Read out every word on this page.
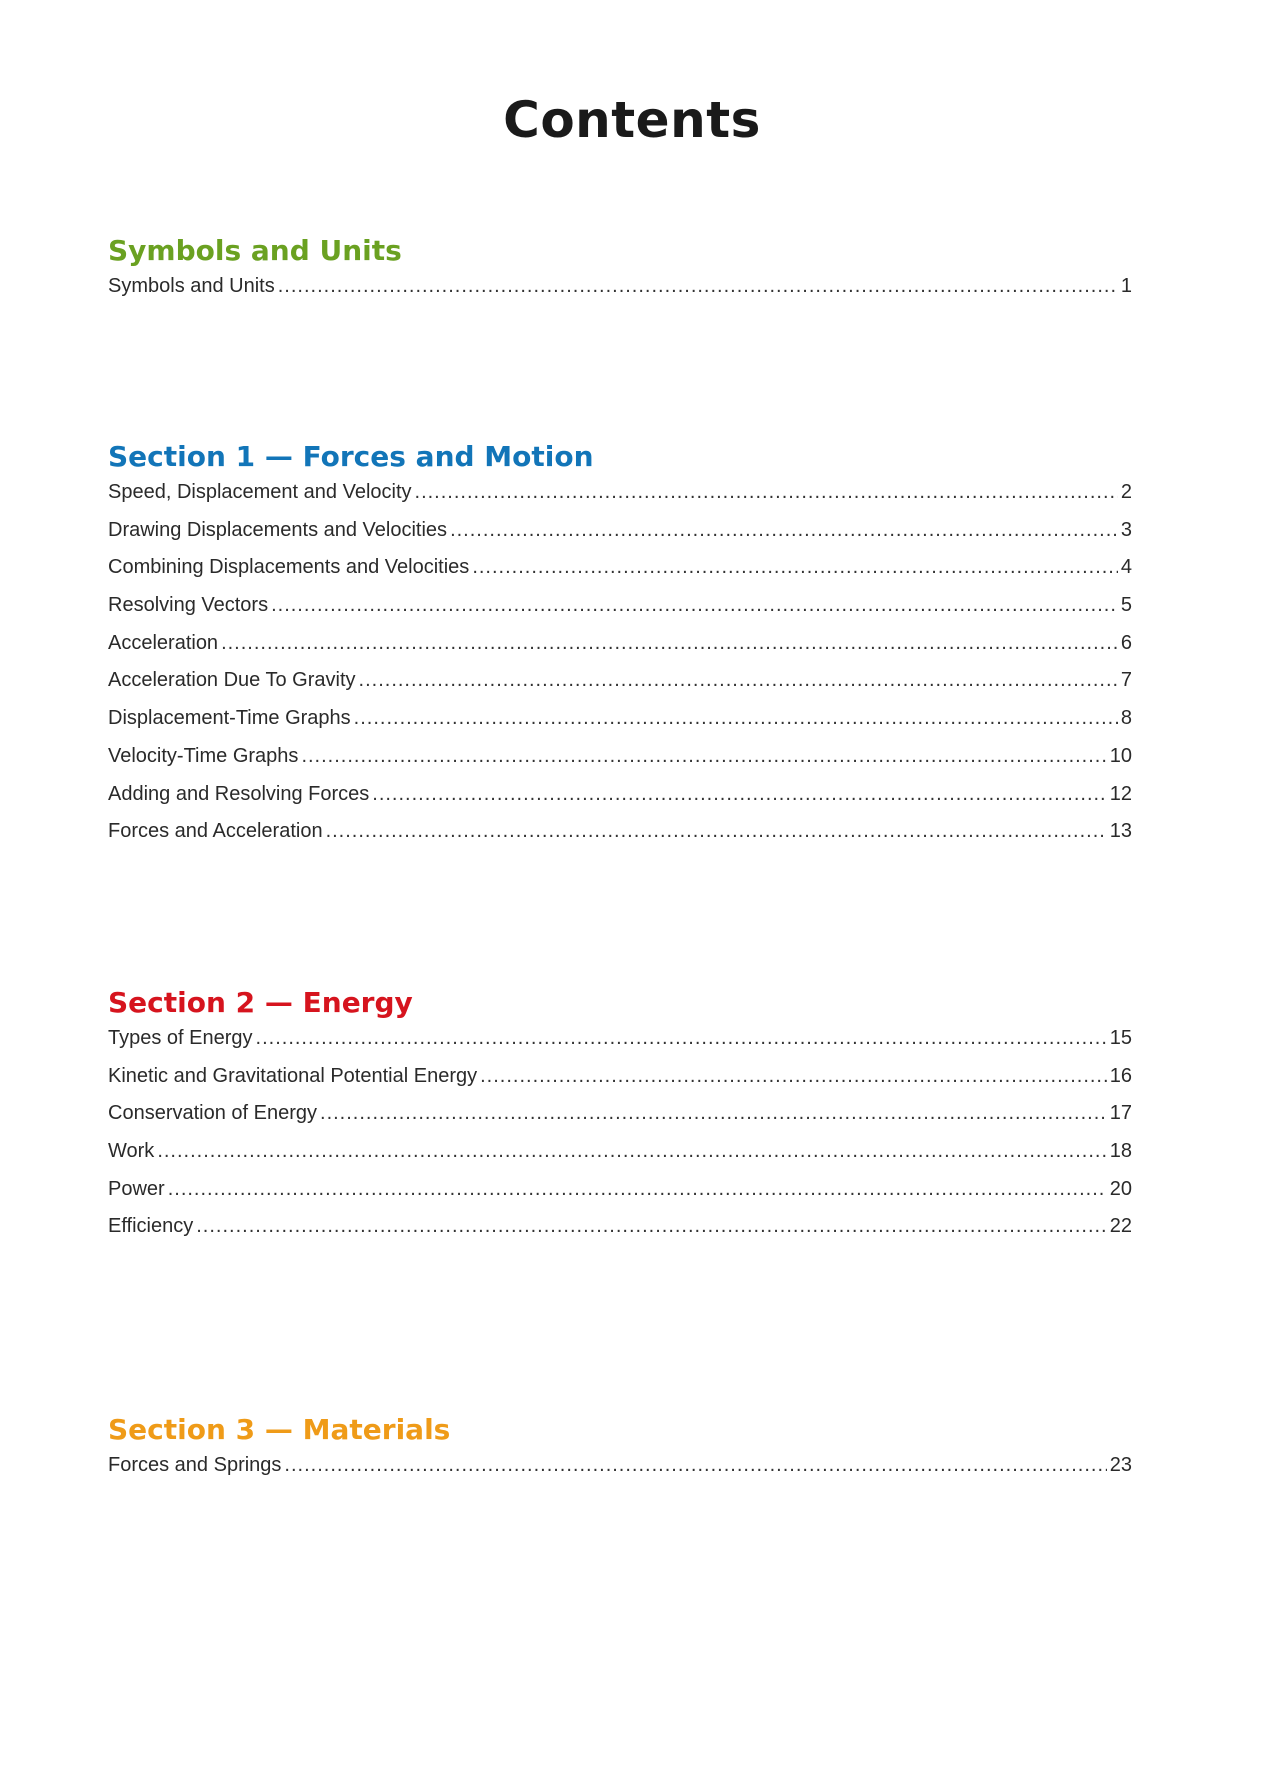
Contents
Symbols and Units
Symbols and Units .....	1
Section 1 — Forces and Motion
Speed, Displacement and Velocity .....	2
Drawing Displacements and Velocities .....	3
Combining Displacements and Velocities .....	4
Resolving Vectors .....	5
Acceleration .....	6
Acceleration Due To Gravity .....	7
Displacement-Time Graphs .....	8
Velocity-Time Graphs .....	10
Adding and Resolving Forces .....	12
Forces and Acceleration .....	13
Section 2 — Energy
Types of Energy .....	15
Kinetic and Gravitational Potential Energy .....	16
Conservation of Energy .....	17
Work .....	18
Power .....	20
Efficiency .....	22
Section 3 — Materials
Forces and Springs .....	23
